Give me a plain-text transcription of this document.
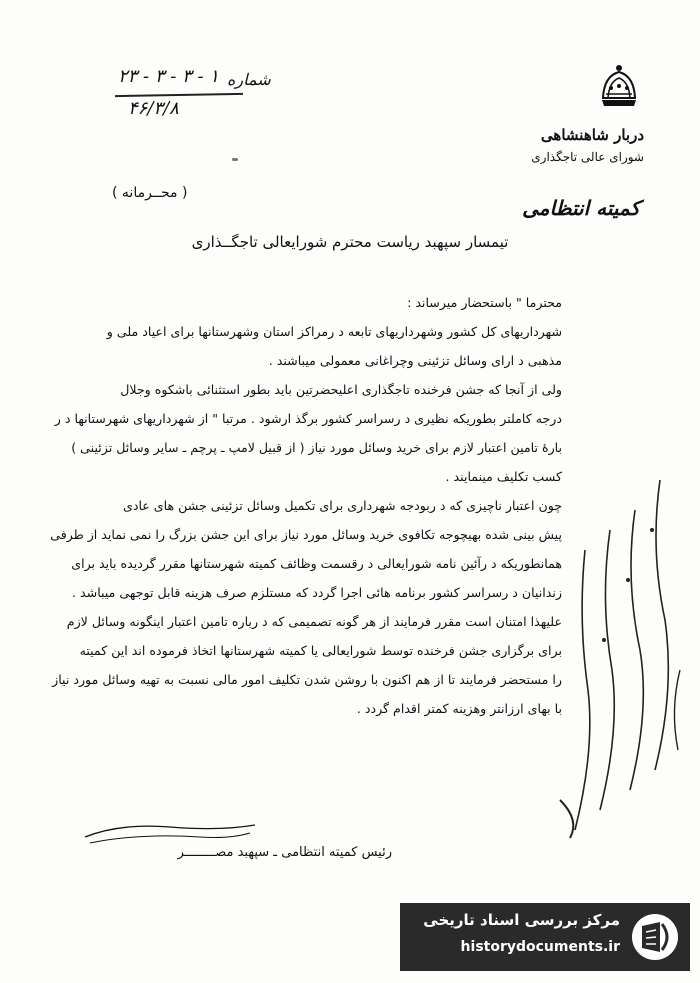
دربار شاهنشاهی
شورای عالی تاجگذاری
کمیته انتظامی
شماره
۲۳ - ۳ - ۳ - ۱
۴۶/۳/۸
( محــرمانه )
تیمسار سپهبد ریاست محترم شورایعالی تاجگــذاری
محترما " باستحضار میرساند :
شهرداریهای کل کشور وشهرداریهای تابعه د رمراکز استان وشهرستانها برای اعیاد ملی و
مذهبی د ارای وسائل تزئینی وچراغانی معمولی میباشند .
ولی از آنجا که جشن فرخنده تاجگذاری اعلیحضرتین باید بطور استثنائی باشکوه وجلال
درجه کاملتر بطوریکه نظیری د رسراسر کشور برگذ ارشود . مرتبا " از شهرداریهای شهرستانها د ر
بارهٔ تامین اعتبار لازم برای خرید وسائل مورد نیاز ( از قبیل لامپ ـ پرچم ـ سایر وسائل تزئینی )
کسب تکلیف مینمایند .
چون اعتبار ناچیزی که د ربودجه شهرداری برای تکمیل وسائل تزئینی جشن های عادی
پیش بینی شده بهیچوجه تکافوی خرید وسائل مورد نیاز برای این جشن بزرگ را نمی نماید از طرفی
همانطوریکه د رآئین نامه شورایعالی د رقسمت وظائف کمیته شهرستانها مقرر گردیده باید برای
زندانیان د رسراسر کشور برنامه هائی اجرا گردد که مستلزم صرف هزینه قابل توجهی میباشد .
علیهذا امتنان است مقرر فرمایند از هر گونه تصمیمی که د رباره تامین اعتبار اینگونه وسائل لازم
برای برگزاری جشن فرخنده توسط شورایعالی یا کمیته شهرستانها اتخاذ فرموده اند این کمیته
را مستحضر فرمایند تا از هم اکنون با روشن شدن تکلیف امور مالی نسبت به تهیه وسائل مورد نیاز
با بهای ارزانتر وهزینه کمتر اقدام گردد .
رئیس کمیته انتظامی ـ سپهبد مصــــــــر
مرکز بررسی اسناد تاریخی
historydocuments.ir
